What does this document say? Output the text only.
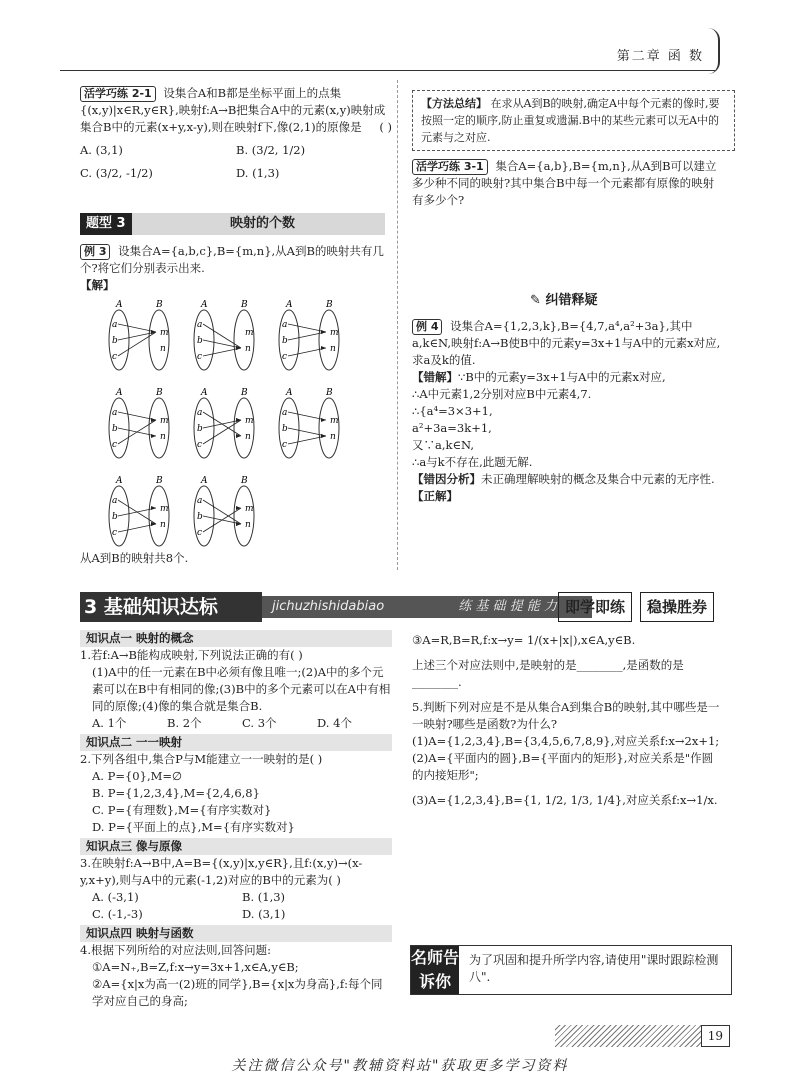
第二章 函 数
活学巧练 2-1 设集合A和B都是坐标平面上的点集{(x,y)|x∈R,y∈R},映射f:A→B把集合A中的元素(x,y)映射成集合B中的元素(x+y,x-y),则在映射f下,像(2,1)的原像是 ( )
A. (3,1)	B. (3/2, 1/2)
C. (3/2, -1/2)	D. (1,3)
题型 3	映射的个数
例 3 设集合A={a,b,c},B={m,n},从A到B的映射共有几个?将它们分别表示出来.
【解】
A	B
a
b
c
m
n
A	B
a
b
c
m
n
A	B
a
b
c
m
n
A	B
a
b
c
m
n
A	B
a
b
c
m
n
A	B
a
b
c
m
n
A	B
a
b
c
m
n
A	B
a
b
c
m
n
从A到B的映射共8个.
【方法总结】 在求从A到B的映射,确定A中每个元素的像时,要按照一定的顺序,防止重复或遗漏.B中的某些元素可以无A中的元素与之对应.
活学巧练 3-1 集合A={a,b},B={m,n},从A到B可以建立多少种不同的映射?其中集合B中每一个元素都有原像的映射有多少个?
✎ 纠错释疑
例 4 设集合A={1,2,3,k},B={4,7,a⁴,a²+3a},其中a,k∈N,映射f:A→B使B中的元素y=3x+1与A中的元素x对应,求a及k的值.
【错解】∵B中的元素y=3x+1与A中的元素x对应,
∴A中元素1,2分别对应B中元素4,7.
∴{a⁴=3×3+1,
a²+3a=3k+1,
又∵a,k∈N,
∴a与k不存在,此题无解.
【错因分析】未正确理解映射的概念及集合中元素的无序性.
【正解】
3 基础知识达标	jichuzhishidabiao	练 基 础 提 能 力 即学即练	稳操胜券
知识点一 映射的概念
1.若f:A→B能构成映射,下列说法正确的有( )
(1)A中的任一元素在B中必须有像且唯一;(2)A中的多个元素可以在B中有相同的像;(3)B中的多个元素可以在A中有相同的原像;(4)像的集合就是集合B.
A. 1个	B. 2个	C. 3个	D. 4个
知识点二 一一映射
2.下列各组中,集合P与M能建立一一映射的是( )
A. P={0},M=∅
B. P={1,2,3,4},M={2,4,6,8}
C. P={有理数},M={有序实数对}
D. P={平面上的点},M={有序实数对}
知识点三 像与原像
3.在映射f:A→B中,A=B={(x,y)|x,y∈R},且f:(x,y)→(x-y,x+y),则与A中的元素(-1,2)对应的B中的元素为( )
A. (-3,1)	B. (1,3)
C. (-1,-3)	D. (3,1)
知识点四 映射与函数
4.根据下列所给的对应法则,回答问题:
①A=N₊,B=Z,f:x→y=3x+1,x∈A,y∈B;
②A={x|x为高一(2)班的同学},B={x|x为身高},f:每个同学对应自己的身高;
③A=R,B=R,f:x→y= 1/(x+|x|),x∈A,y∈B.
上述三个对应法则中,是映射的是________,是函数的是________.
5.判断下列对应是不是从集合A到集合B的映射,其中哪些是一一映射?哪些是函数?为什么?
(1)A={1,2,3,4},B={3,4,5,6,7,8,9},对应关系f:x→2x+1;
(2)A={平面内的圆},B={平面内的矩形},对应关系是"作圆的内接矩形";
(3)A={1,2,3,4},B={1, 1/2, 1/3, 1/4},对应关系f:x→1/x.
名师告诉你
为了巩固和提升所学内容,请使用"课时跟踪检测八".
19
关注微信公众号"教辅资料站"获取更多学习资料
